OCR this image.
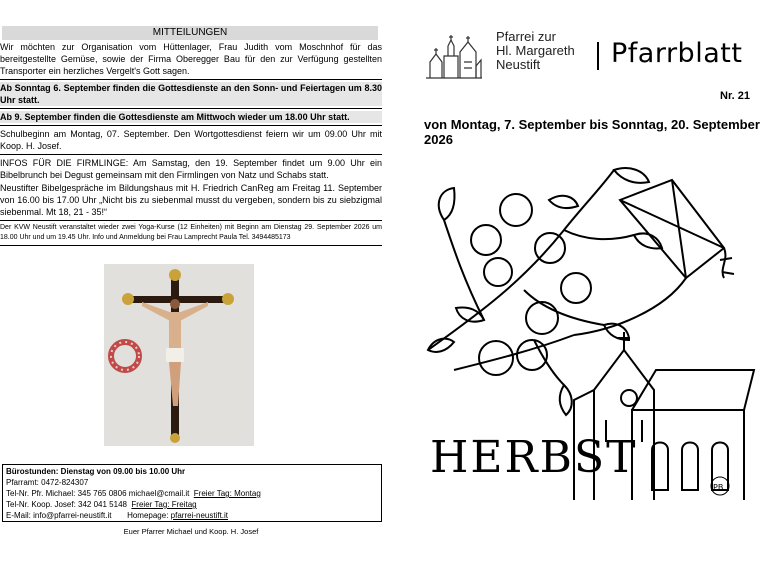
MITTEILUNGEN
Wir möchten zur Organisation vom Hüttenlager, Frau Judith vom Moschnhof für das bereitgestellte Gemüse, sowie der Firma Oberegger Bau für den zur Verfügung gestellten Transporter ein herzliches Vergelt's Gott sagen.
Ab Sonntag 6. September finden die Gottesdienste an den Sonn- und Feiertagen um 8.30 Uhr statt.
Ab 9. September finden die Gottesdienste am Mittwoch wieder um 18.00 Uhr statt.
Schulbeginn am Montag, 07. September. Den Wortgottesdienst feiern wir um 09.00 Uhr mit Koop. H. Josef.
INFOS FÜR DIE FIRMLINGE: Am Samstag, den 19. September findet um 9.00 Uhr ein Bibelbrunch bei Degust gemeinsam mit den Firmlingen von Natz und Schabs statt.
Neustifter Bibelgespräche im Bildungshaus mit H. Friedrich CanReg am Freitag 11. September von 16.00 bis 17.00 Uhr „Nicht bis zu siebenmal musst du vergeben, sondern bis zu siebzigmal siebenmal. Mt 18, 21 - 35!“
Der KVW Neustift veranstaltet wieder zwei Yoga-Kurse (12 Einheiten) mit Beginn am Dienstag 29. September 2026 um 18.00 Uhr und um 19.45 Uhr. Info und Anmeldung bei Frau Lamprecht Paula Tel. 3494485173
Bürostunden: Dienstag von 09.00 bis 10.00 Uhr
Pfarramt: 0472-824307
Tel-Nr. Pfr. Michael: 345 765 0806 michael@cmail.it Freier Tag: Montag
Tel-Nr. Koop. Josef: 342 041 5148 Freier Tag: Freitag
E-Mail: info@pfarrei-neustift.it Homepage: pfarrei-neustift.it
Euer Pfarrer Michael und Koop. H. Josef
Pfarrei zur
Hl. Margareth
Neustift	Pfarrblatt
Nr. 21
von Montag, 7. September bis Sonntag, 20. September 2026
HERBST
PB
